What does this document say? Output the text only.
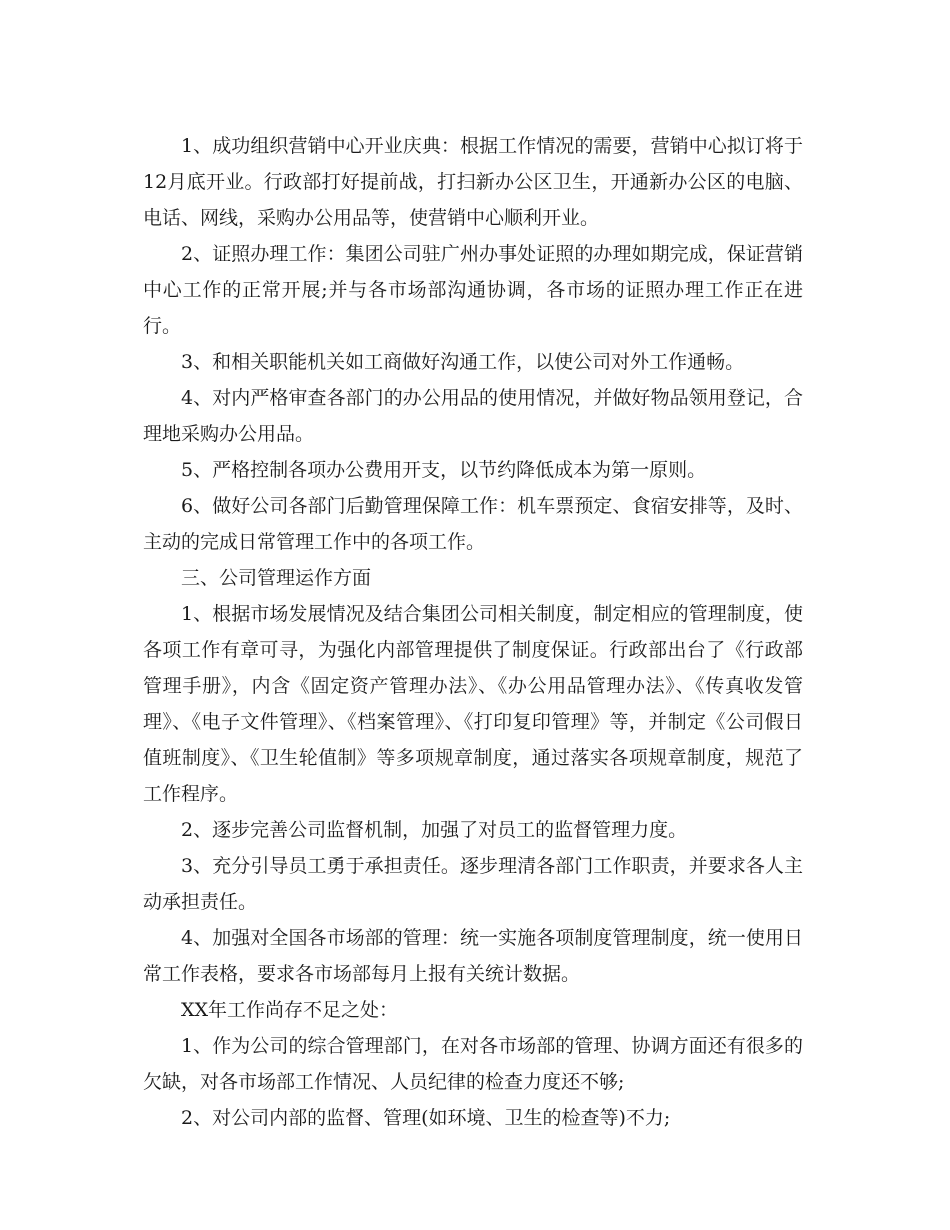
1、成功组织营销中心开业庆典：根据工作情况的需要，营销中心拟订将于12月底开业。行政部打好提前战，打扫新办公区卫生，开通新办公区的电脑、电话、网线，采购办公用品等，使营销中心顺利开业。

2、证照办理工作：集团公司驻广州办事处证照的办理如期完成，保证营销中心工作的正常开展;并与各市场部沟通协调，各市场的证照办理工作正在进行。

3、和相关职能机关如工商做好沟通工作，以使公司对外工作通畅。

4、对内严格审查各部门的办公用品的使用情况，并做好物品领用登记，合理地采购办公用品。

5、严格控制各项办公费用开支，以节约降低成本为第一原则。

6、做好公司各部门后勤管理保障工作：机车票预定、食宿安排等，及时、主动的完成日常管理工作中的各项工作。

三、公司管理运作方面

1、根据市场发展情况及结合集团公司相关制度，制定相应的管理制度，使各项工作有章可寻，为强化内部管理提供了制度保证。行政部出台了《行政部管理手册》，内含《固定资产管理办法》、《办公用品管理办法》、《传真收发管理》、《电子文件管理》、《档案管理》、《打印复印管理》等，并制定《公司假日值班制度》、《卫生轮值制》等多项规章制度，通过落实各项规章制度，规范了工作程序。

2、逐步完善公司监督机制，加强了对员工的监督管理力度。

3、充分引导员工勇于承担责任。逐步理清各部门工作职责，并要求各人主动承担责任。

4、加强对全国各市场部的管理：统一实施各项制度管理制度，统一使用日常工作表格，要求各市场部每月上报有关统计数据。

XX年工作尚存不足之处：

1、作为公司的综合管理部门，在对各市场部的管理、协调方面还有很多的欠缺，对各市场部工作情况、人员纪律的检查力度还不够;

2、对公司内部的监督、管理(如环境、卫生的检查等)不力;
